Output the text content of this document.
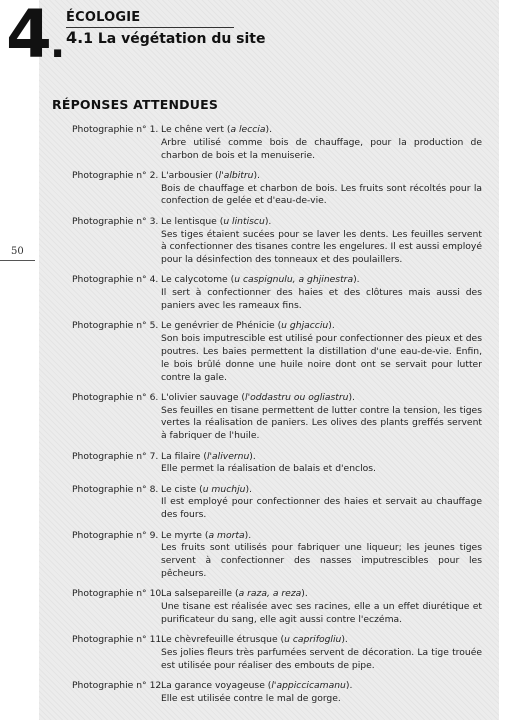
4.
ÉCOLOGIE
4.1 La végétation du site
50
RÉPONSES ATTENDUES
Photographie n° 1. Le chêne vert (a leccia).
Arbre utilisé comme bois de chauffage, pour la production de charbon de bois et la menuiserie.
Photographie n° 2. L'arbousier (l'albitru).
Bois de chauffage et charbon de bois. Les fruits sont récoltés pour la confection de gelée et d'eau-de-vie.
Photographie n° 3. Le lentisque (u lintiscu).
Ses tiges étaient sucées pour se laver les dents. Les feuilles servent à confectionner des tisanes contre les engelures. Il est aussi employé pour la désinfection des tonneaux et des poulaillers.
Photographie n° 4. Le calycotome (u caspignulu, a ghjinestra).
Il sert à confectionner des haies et des clôtures mais aussi des paniers avec les rameaux fins.
Photographie n° 5. Le genévrier de Phénicie (u ghjacciu).
Son bois imputrescible est utilisé pour confectionner des pieux et des poutres. Les baies permettent la distillation d'une eau-de-vie. Enfin, le bois brûlé donne une huile noire dont ont se servait pour lutter contre la gale.
Photographie n° 6. L'olivier sauvage (l'oddastru ou ogliastru).
Ses feuilles en tisane permettent de lutter contre la tension, les tiges vertes la réalisation de paniers. Les olives des plants greffés servent à fabriquer de l'huile.
Photographie n° 7. La filaire (l'alivernu).
Elle permet la réalisation de balais et d'enclos.
Photographie n° 8. Le ciste (u muchju).
Il est employé pour confectionner des haies et servait au chauffage des fours.
Photographie n° 9. Le myrte (a morta).
Les fruits sont utilisés pour fabriquer une liqueur; les jeunes tiges servent à confectionner des nasses imputrescibles pour les pêcheurs.
Photographie n° 10.
La salsepareille (a raza, a reza).
Une tisane est réalisée avec ses racines, elle a un effet diurétique et purificateur du sang, elle agit aussi contre l'eczéma.
Photographie n° 11.
Le chèvrefeuille étrusque (u caprifogliu).
Ses jolies fleurs très parfumées servent de décoration. La tige trouée est utilisée pour réaliser des embouts de pipe.
Photographie n° 12.
La garance voyageuse (l'appiccicamanu).
Elle est utilisée contre le mal de gorge.
